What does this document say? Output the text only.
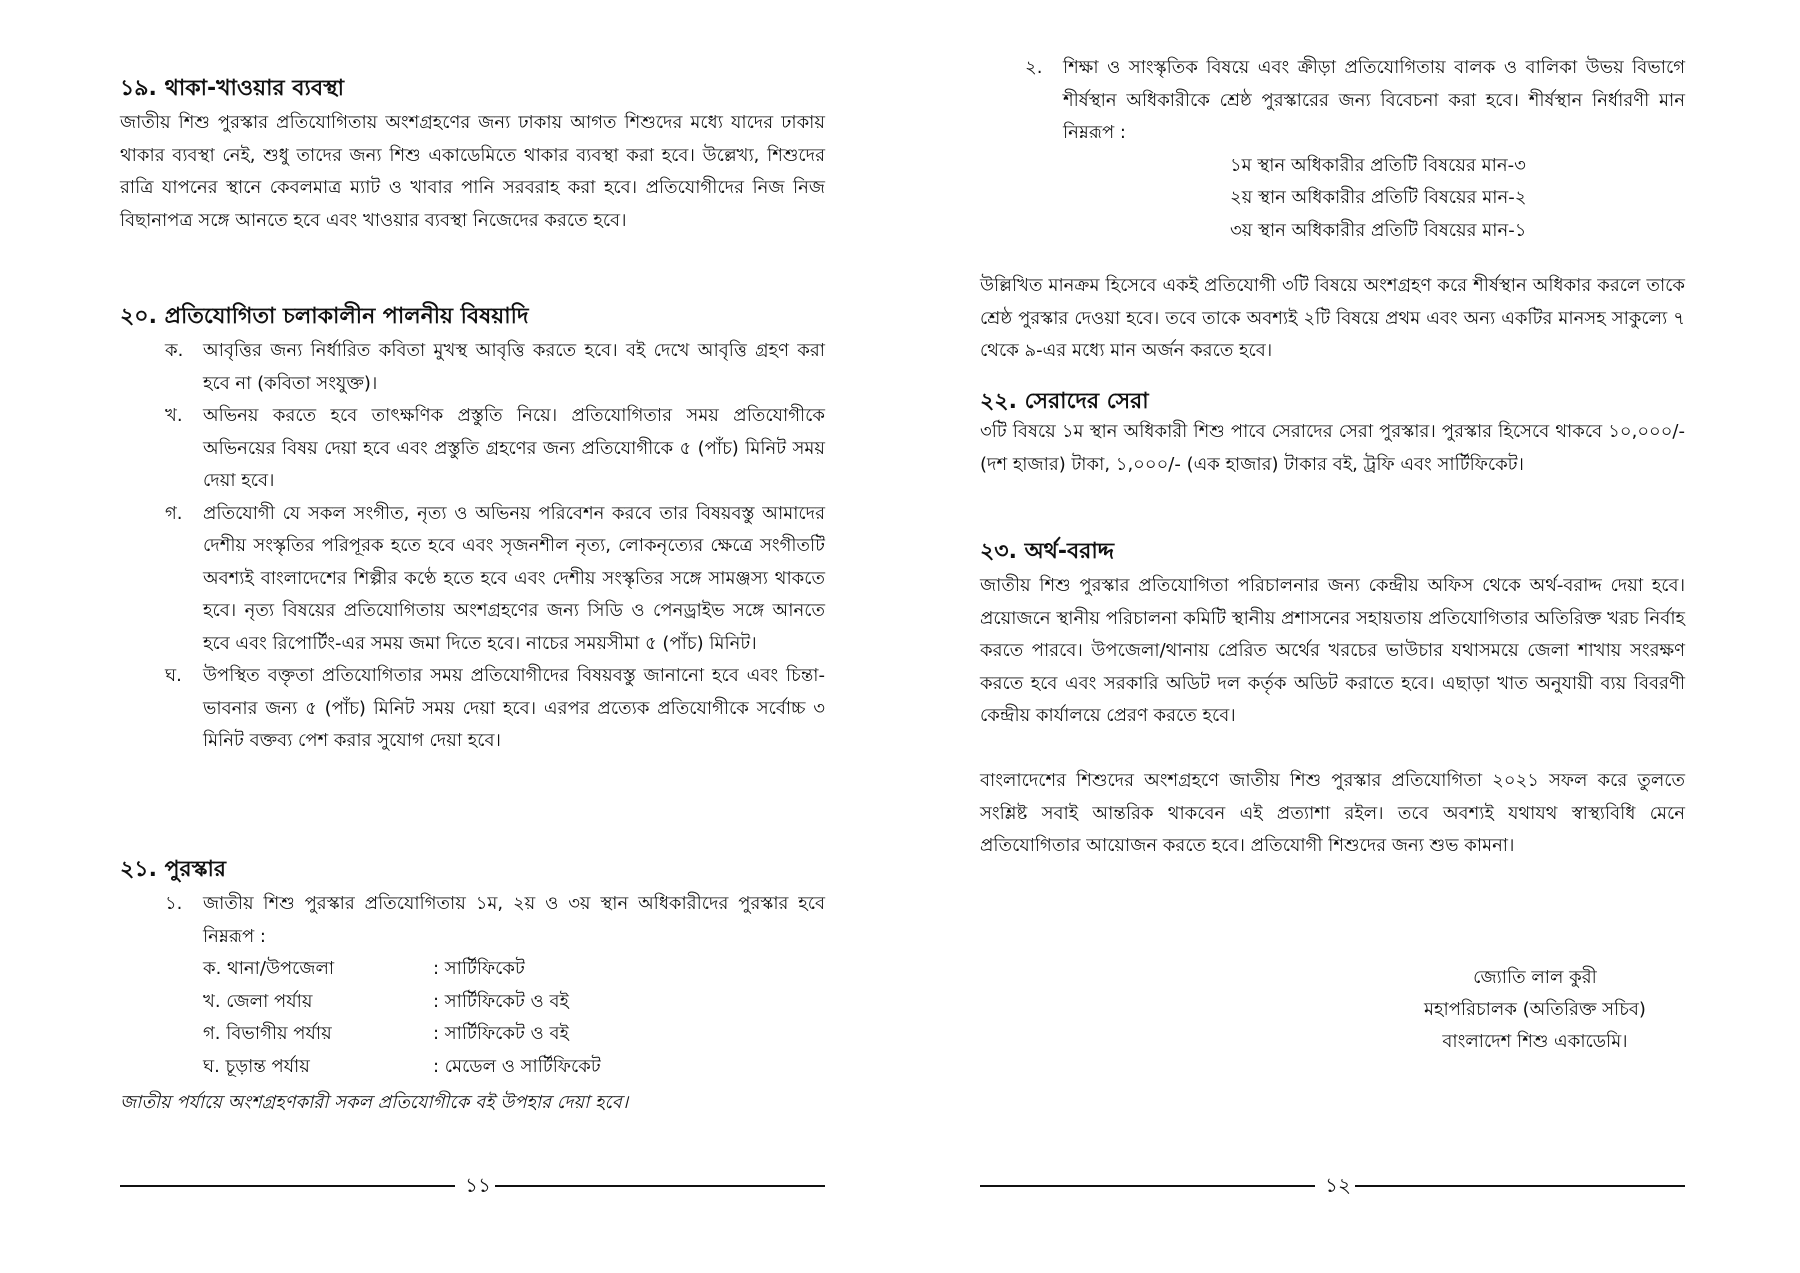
১৯. থাকা-খাওয়ার ব্যবস্থা

জাতীয় শিশু পুরস্কার প্রতিযোগিতায় অংশগ্রহণের জন্য ঢাকায় আগত শিশুদের মধ্যে যাদের ঢাকায় থাকার ব্যবস্থা নেই, শুধু তাদের জন্য শিশু একাডেমিতে থাকার ব্যবস্থা করা হবে। উল্লেখ্য, শিশুদের রাত্রি যাপনের স্থানে কেবলমাত্র ম্যাট ও খাবার পানি সরবরাহ করা হবে। প্রতিযোগীদের নিজ নিজ বিছানাপত্র সঙ্গে আনতে হবে এবং খাওয়ার ব্যবস্থা নিজেদের করতে হবে।

২০. প্রতিযোগিতা চলাকালীন পালনীয় বিষয়াদি
ক.	আবৃত্তির জন্য নির্ধারিত কবিতা মুখস্থ আবৃত্তি করতে হবে। বই দেখে আবৃত্তি গ্রহণ করা হবে না (কবিতা সংযুক্ত)।
খ.	অভিনয় করতে হবে তাৎক্ষণিক প্রস্তুতি নিয়ে। প্রতিযোগিতার সময় প্রতিযোগীকে অভিনয়ের বিষয় দেয়া হবে এবং প্রস্তুতি গ্রহণের জন্য প্রতিযোগীকে ৫ (পাঁচ) মিনিট সময় দেয়া হবে।
গ.	প্রতিযোগী যে সকল সংগীত, নৃত্য ও অভিনয় পরিবেশন করবে তার বিষয়বস্তু আমাদের দেশীয় সংস্কৃতির পরিপূরক হতে হবে এবং সৃজনশীল নৃত্য, লোকনৃত্যের ক্ষেত্রে সংগীতটি অবশ্যই বাংলাদেশের শিল্পীর কণ্ঠে হতে হবে এবং দেশীয় সংস্কৃতির সঙ্গে সামঞ্জস্য থাকতে হবে। নৃত্য বিষয়ের প্রতিযোগিতায় অংশগ্রহণের জন্য সিডি ও পেনড্রাইভ সঙ্গে আনতে হবে এবং রিপোর্টিং-এর সময় জমা দিতে হবে। নাচের সময়সীমা ৫ (পাঁচ) মিনিট।
ঘ.	উপস্থিত বক্তৃতা প্রতিযোগিতার সময় প্রতিযোগীদের বিষয়বস্তু জানানো হবে এবং চিন্তা-ভাবনার জন্য ৫ (পাঁচ) মিনিট সময় দেয়া হবে। এরপর প্রত্যেক প্রতিযোগীকে সর্বোচ্চ ৩ মিনিট বক্তব্য পেশ করার সুযোগ দেয়া হবে।
২১. পুরস্কার
১.	জাতীয় শিশু পুরস্কার প্রতিযোগিতায় ১ম, ২য় ও ৩য় স্থান অধিকারীদের পুরস্কার হবে নিম্নরূপ :
ক. থানা/উপজেলা	: সার্টিফিকেট
খ. জেলা পর্যায়	: সার্টিফিকেট ও বই
গ. বিভাগীয় পর্যায়	: সার্টিফিকেট ও বই
ঘ. চূড়ান্ত পর্যায়	: মেডেল ও সার্টিফিকেট

জাতীয় পর্যায়ে অংশগ্রহণকারী সকল প্রতিযোগীকে বই উপহার দেয়া হবে।

১১
২.	শিক্ষা ও সাংস্কৃতিক বিষয়ে এবং ক্রীড়া প্রতিযোগিতায় বালক ও বালিকা উভয় বিভাগে শীর্ষস্থান অধিকারীকে শ্রেষ্ঠ পুরস্কারের জন্য বিবেচনা করা হবে। শীর্ষস্থান নির্ধারণী মান নিম্নরূপ :
১ম স্থান অধিকারীর প্রতিটি বিষয়ের মান-৩
২য় স্থান অধিকারীর প্রতিটি বিষয়ের মান-২
৩য় স্থান অধিকারীর প্রতিটি বিষয়ের মান-১

উল্লিখিত মানক্রম হিসেবে একই প্রতিযোগী ৩টি বিষয়ে অংশগ্রহণ করে শীর্ষস্থান অধিকার করলে তাকে শ্রেষ্ঠ পুরস্কার দেওয়া হবে। তবে তাকে অবশ্যই ২টি বিষয়ে প্রথম এবং অন্য একটির মানসহ সাকুল্যে ৭ থেকে ৯-এর মধ্যে মান অর্জন করতে হবে।

২২. সেরাদের সেরা

৩টি বিষয়ে ১ম স্থান অধিকারী শিশু পাবে সেরাদের সেরা পুরস্কার। পুরস্কার হিসেবে থাকবে ১০,০০০/- (দশ হাজার) টাকা, ১,০০০/- (এক হাজার) টাকার বই, ট্রফি এবং সার্টিফিকেট।

২৩. অর্থ-বরাদ্দ

জাতীয় শিশু পুরস্কার প্রতিযোগিতা পরিচালনার জন্য কেন্দ্রীয় অফিস থেকে অর্থ-বরাদ্দ দেয়া হবে। প্রয়োজনে স্থানীয় পরিচালনা কমিটি স্থানীয় প্রশাসনের সহায়তায় প্রতিযোগিতার অতিরিক্ত খরচ নির্বাহ করতে পারবে। উপজেলা/থানায় প্রেরিত অর্থের খরচের ভাউচার যথাসময়ে জেলা শাখায় সংরক্ষণ করতে হবে এবং সরকারি অডিট দল কর্তৃক অডিট করাতে হবে। এছাড়া খাত অনুযায়ী ব্যয় বিবরণী কেন্দ্রীয় কার্যালয়ে প্রেরণ করতে হবে।

বাংলাদেশের শিশুদের অংশগ্রহণে জাতীয় শিশু পুরস্কার প্রতিযোগিতা ২০২১ সফল করে তুলতে সংশ্লিষ্ট সবাই আন্তরিক থাকবেন এই প্রত্যাশা রইল। তবে অবশ্যই যথাযথ স্বাস্থ্যবিধি মেনে প্রতিযোগিতার আয়োজন করতে হবে। প্রতিযোগী শিশুদের জন্য শুভ কামনা।

জ্যোতি লাল কুরী
মহাপরিচালক (অতিরিক্ত সচিব)
বাংলাদেশ শিশু একাডেমি।
১২
